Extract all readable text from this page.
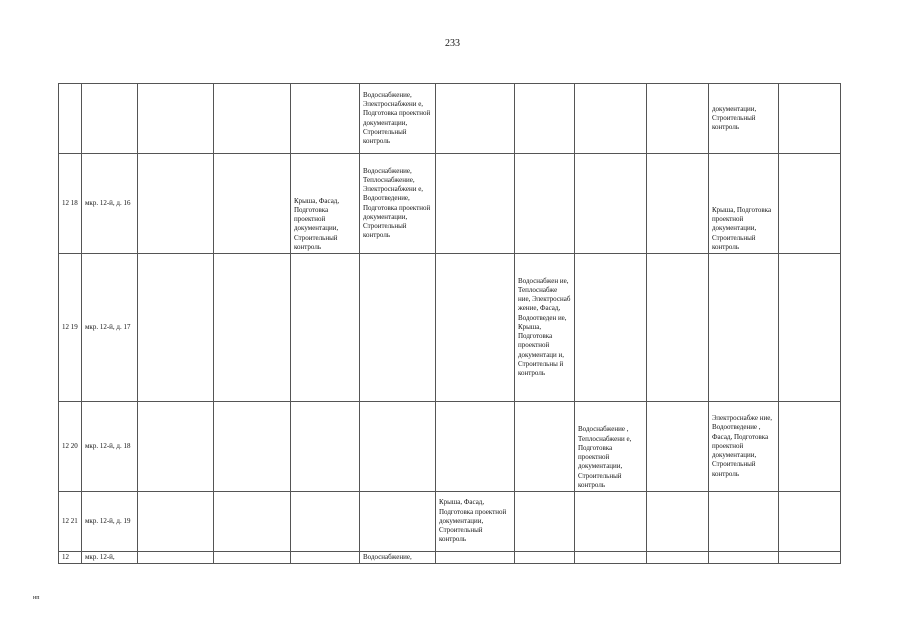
233
					Водоснабжение, Электроснабжени е, Подготовка проектной документации, Строительный контроль					документации, Строительный контроль	
12 18	мкр. 12-й, д. 16			Крыша, Фасад, Подготовка проектной документации, Строительный контроль	Водоснабжение, Теплоснабжение, Электроснабжени е, Водоотведение, Подготовка проектной документации, Строительный контроль					Крыша, Подготовка проектной документации, Строительный контроль	
12 19	мкр. 12-й, д. 17						Водоснабжен ие, Теплоснабже ние, Электроснаб жение, Фасад, Водоотведен ие, Крыша, Подготовка проектной документаци и, Строительны й контроль				
12 20	мкр. 12-й, д. 18							Водоснабжение , Теплоснабжени е, Подготовка проектной документации, Строительный контроль		Электроснабже ние, Водоотведение , Фасад, Подготовка проектной документации, Строительный контроль	
12 21	мкр. 12-й, д. 19					Крыша, Фасад, Подготовка проектной документации, Строительный контроль					
12	мкр. 12-й,				Водоснабжение,						
нп
